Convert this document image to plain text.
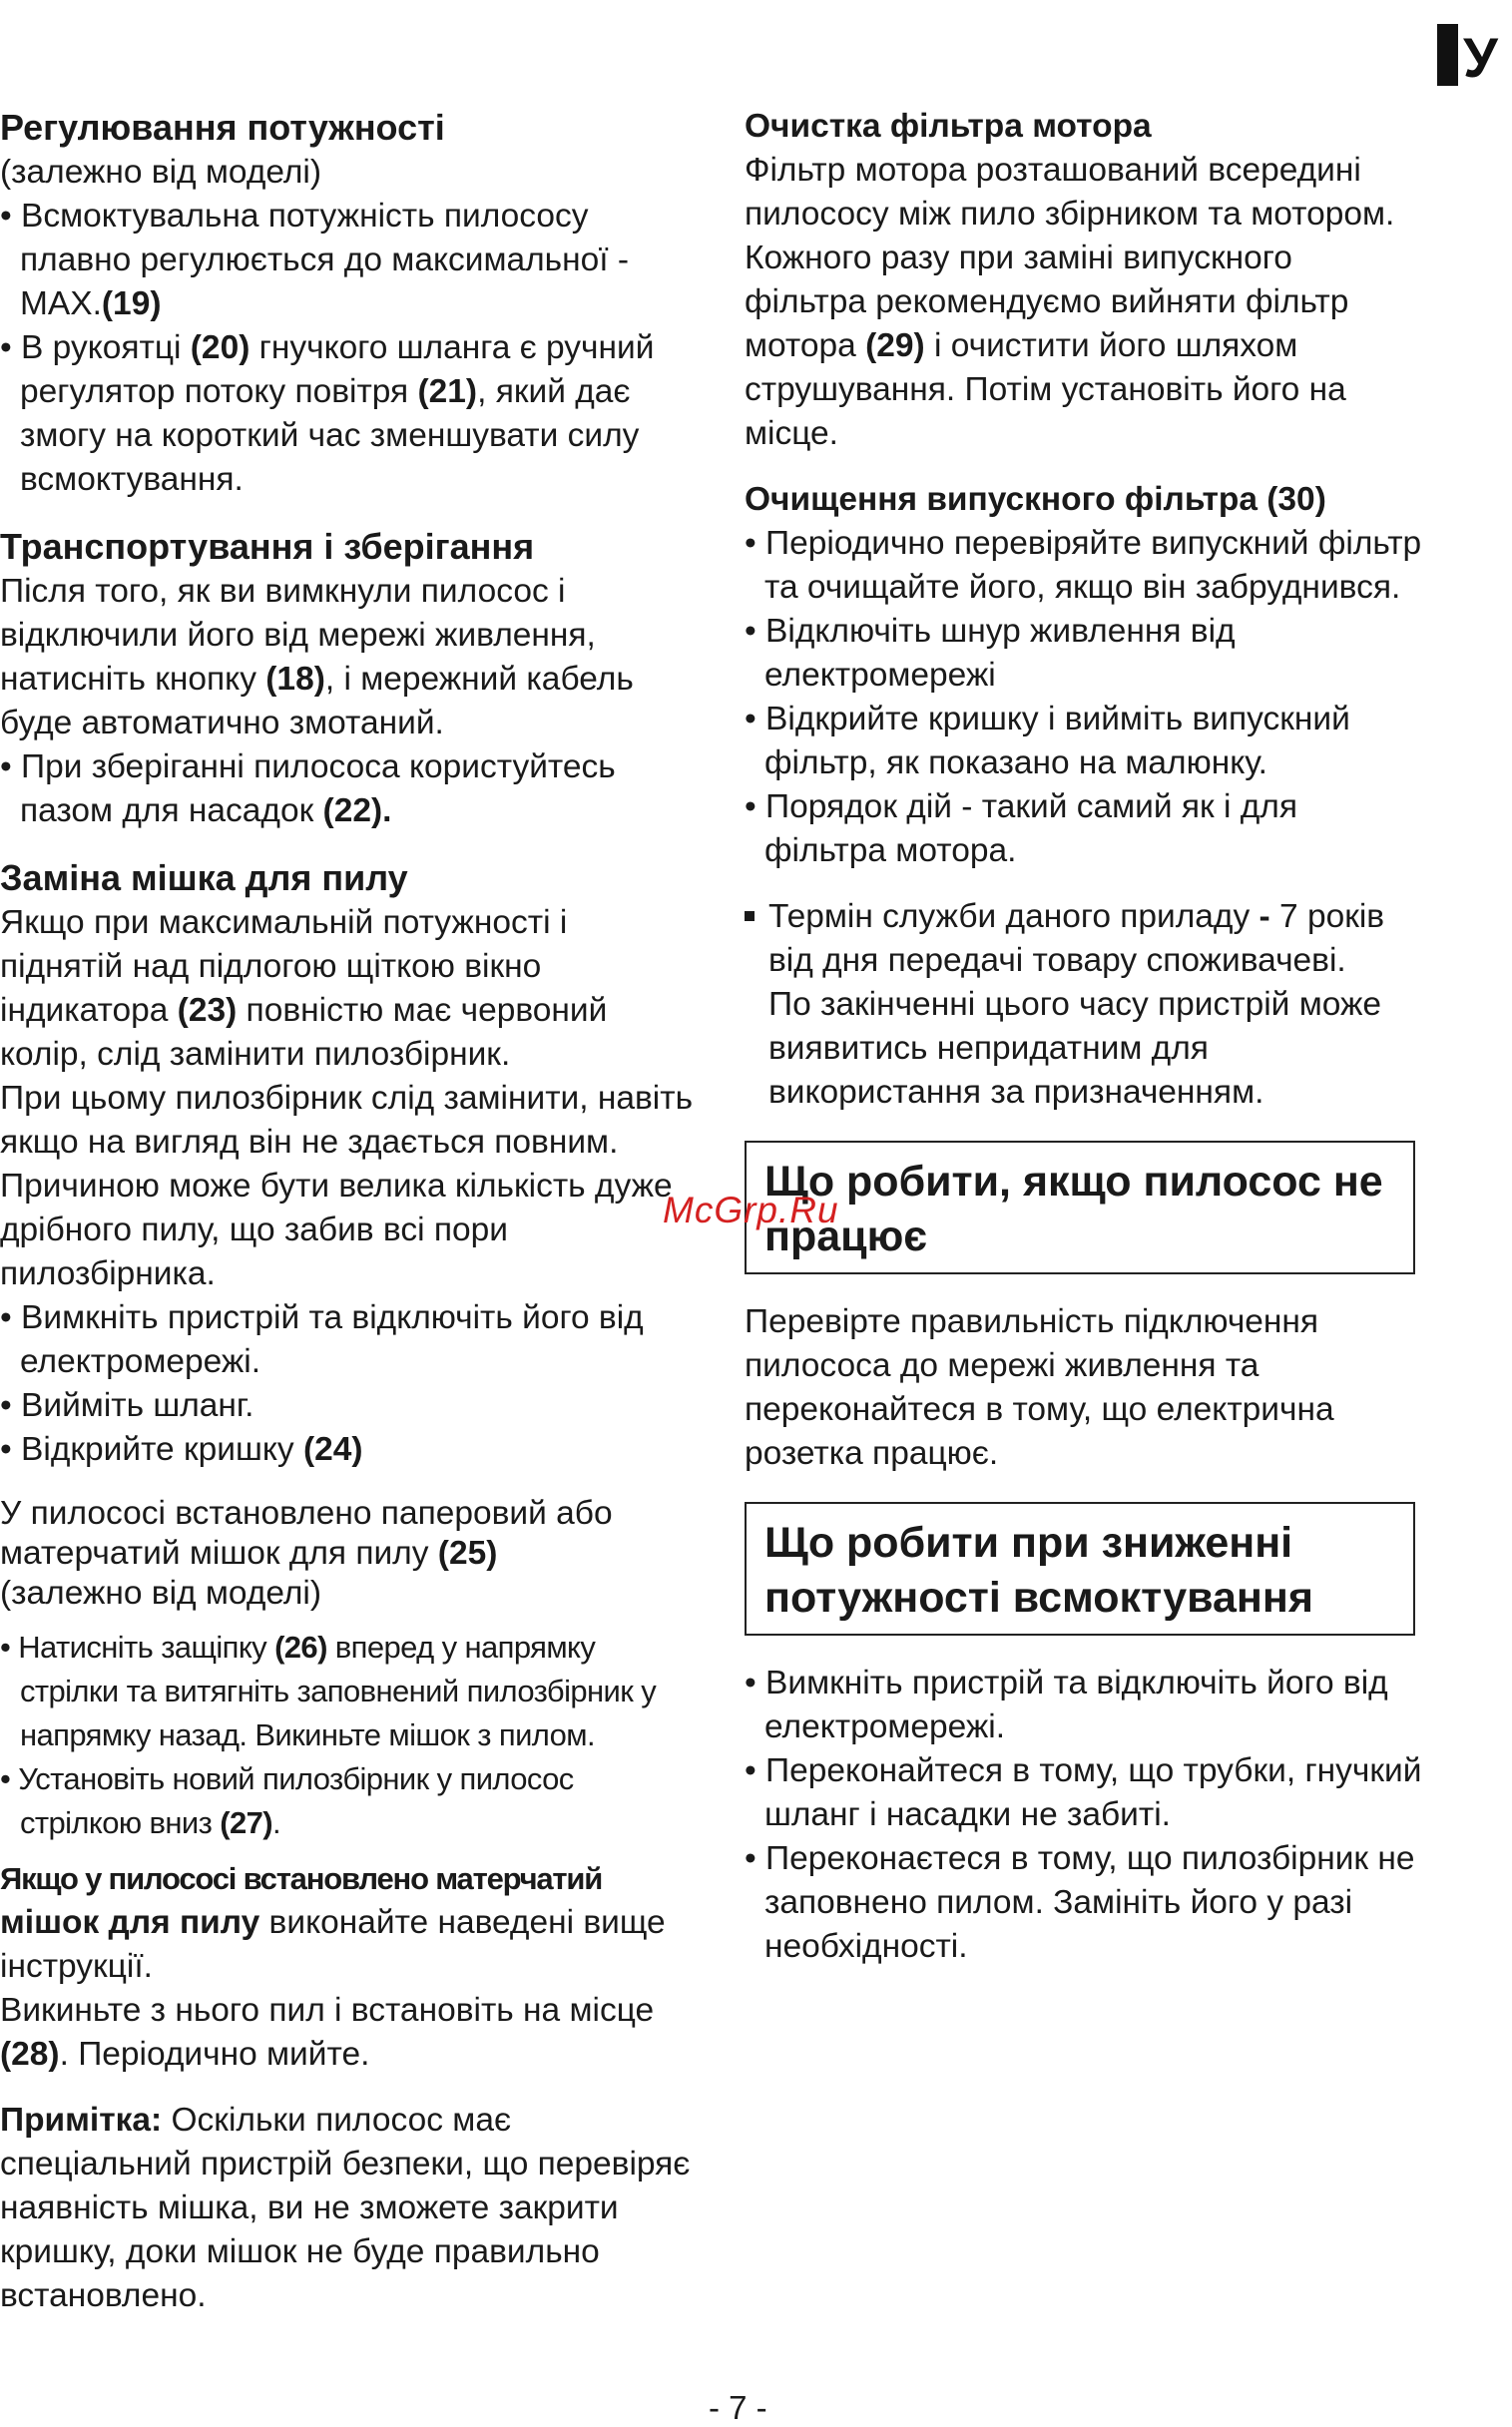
У

Регулювання потужності

(залежно від моделі)

• Всмоктувальна потужність пилососу плавно регулюється до максимальної - MAX.(19)

• В рукоятці (20) гнучкого шланга є ручний регулятор потоку повітря (21), який дає змогу на короткий час зменшувати силу всмоктування.

Транспортування і зберігання

Після того, як ви вимкнули пилосос і відключили його від мережі живлення, натисніть кнопку (18), і мережний кабель буде автоматично змотаний.

• При зберіганні пилососа користуйтесь пазом для насадок (22).

Заміна мішка для пилу

Якщо при максимальній потужності і піднятій над підлогою щіткою вікно індикатора (23) повністю має червоний колір, слід замінити пилозбірник.

При цьому пилозбірник слід замінити, навіть якщо на вигляд він не здається повним.

Причиною може бути велика кількість дуже дрібного пилу, що забив всі пори пилозбірника.

• Вимкніть пристрій та відключіть його від електромережі.

• Вийміть шланг.

• Відкрийте кришку (24)

У пилососі встановлено паперовий або матерчатий мішок для пилу (25)
(залежно від моделі)

• Натисніть защіпку (26) вперед у напрямку стрілки та витягніть заповнений пилозбірник у напрямку назад. Викиньте мішок з пилом.

• Установіть новий пилозбірник у пилосос стрілкою вниз (27).

Якщо у пилососі встановлено матерчатий
мішок для пилу виконайте наведені вище інструкції.

Викиньте з нього пил і встановіть на місце (28). Періодично мийте.

Примітка: Оскільки пилосос має спеціальний пристрій безпеки, що перевіряє наявність мішка, ви не зможете закрити кришку, доки мішок не буде правильно встановлено.

Очистка фільтра мотора

Фільтр мотора розташований всередині пилососу між пило збірником та мотором. Кожного разу при заміні випускного фільтра рекомендуємо вийняти фільтр мотора (29) і очистити його шляхом струшування. Потім установіть його на місце.

Очищення випускного фільтра (30)

• Періодично перевіряйте випускний фільтр та очищайте його, якщо він забруднився.

• Відключіть шнур живлення від електромережі

• Відкрийте кришку і вийміть випускний фільтр, як показано на малюнку.

• Порядок дій - такий самий як і для фільтра мотора.

Термін служби даного приладу - 7 років від дня передачі товару споживачеві.
По закінченні цього часу пристрій може виявитись непридатним для використання за призначенням.

Що робити, якщо пилосос не працює

Перевірте правильність підключення пилососа до мережі живлення та переконайтеся в тому, що електрична розетка працює.

Що робити при зниженні потужності всмоктування

• Вимкніть пристрій та відключіть його від електромережі.

• Переконайтеся в тому, що трубки, гнучкий шланг і насадки не забиті.

• Переконаєтеся в тому, що пилозбірник не заповнено пилом. Замініть його у разі необхідності.

McGrp.Ru
- 7 -
